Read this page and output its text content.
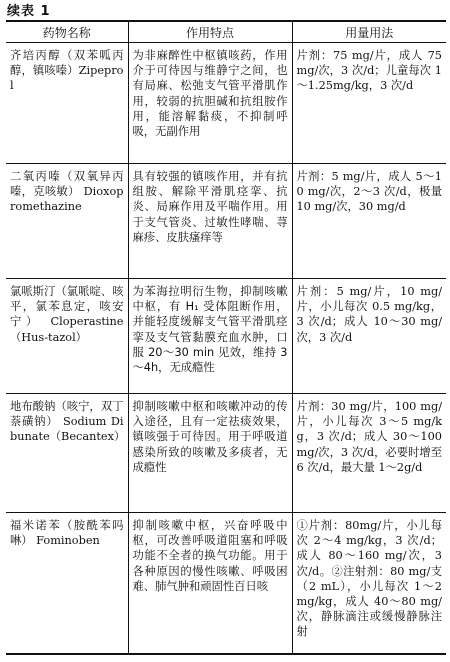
续表 1
药物名称	作用特点	用量用法
齐培丙醇（双苯呱丙醇，镇咳嗪）Zipeprol	为非麻醉性中枢镇咳药，作用介于可待因与维静宁之间，也有局麻、松弛支气管平滑肌作用，较弱的抗胆碱和抗组胺作用，能溶解黏痰，不抑制呼吸，无副作用	片剂：75 mg/片，成人 75 mg/次，3 次/d；儿童每次 1～1.25mg/kg，3 次/d
二氧丙嗪（双氧异丙嗪，克咳敏） Dioxopromethazine	具有较强的镇咳作用，并有抗组胺、解除平滑肌痉挛、抗炎、局麻作用及平喘作用。用于支气管炎、过敏性哮喘、荨麻疹、皮肤瘙痒等	片剂：5 mg/片，成人 5～10 mg/次，2～3 次/d，极量 10 mg/次，30 mg/d
氯哌斯汀（氯哌啶、咳平，氯苯息定，咳安宁） Cloperastine（Hus-tazol）	为苯海拉明衍生物，抑制咳嗽中枢，有 H₁ 受体阻断作用，并能轻度缓解支气管平滑肌痉挛及支气管黏膜充血水肿，口服 20～30 min 见效，维持 3～4h，无成瘾性	片剂：5 mg/片，10 mg/片，小儿每次 0.5 mg/kg，3 次/d；成人 10～30 mg/次，3 次/d
地布酸钠（咳宁，双丁萘磺钠） Sodium Dibunate（Becantex）	抑制咳嗽中枢和咳嗽冲动的传入途径，且有一定祛痰效果，镇咳强于可待因。用于呼吸道感染所致的咳嗽及多痰者，无成瘾性	片剂：30 mg/片，100 mg/片，小儿每次 3～5 mg/kg，3 次/d；成人 30～100 mg/次，3 次/d，必要时增至 6 次/d，最大量 1～2g/d
福米诺苯（胺酰苯吗啉） Fominoben	抑制咳嗽中枢，兴奋呼吸中枢，可改善呼吸道阻塞和呼吸功能不全者的换气功能。用于各种原因的慢性咳嗽、呼吸困难、肺气肿和顽固性百日咳	①片剂：80mg/片，小儿每次 2～4 mg/kg，3 次/d；成人 80～160 mg/次，3 次/d。②注射剂：80 mg/支（2 mL），小儿每次 1～2 mg/kg，成人 40～80 mg/次，静脉滴注或缓慢静脉注射
